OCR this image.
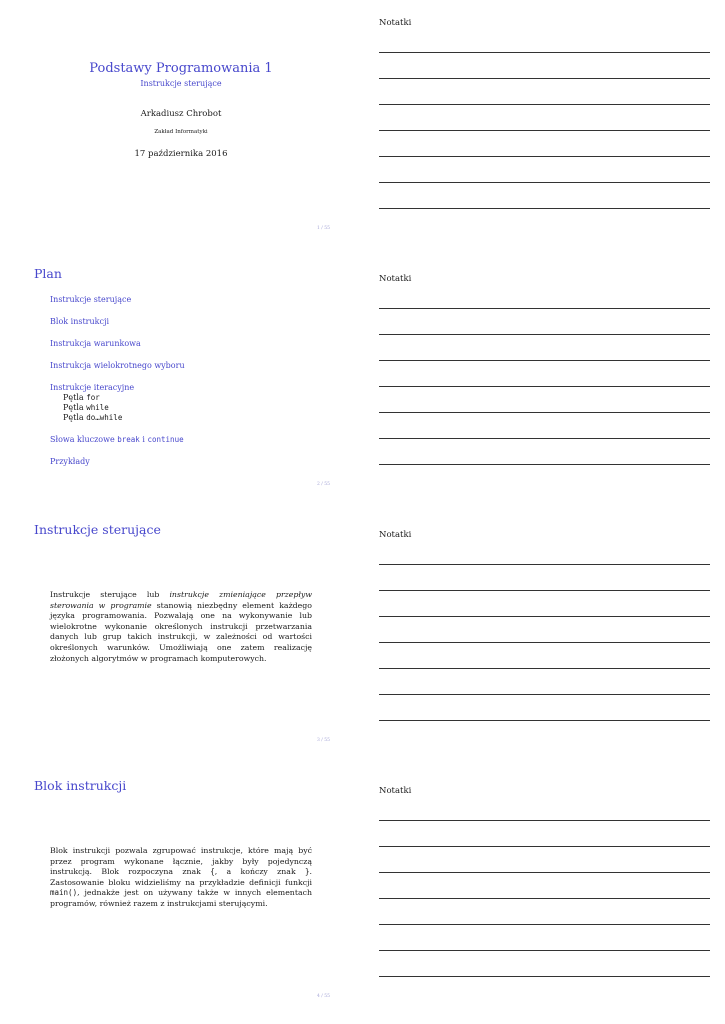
Podstawy Programowania 1
Instrukcje sterujące
Arkadiusz Chrobot
Zakład Informatyki
17 października 2016
1 / 55
Notatki
Plan
Instrukcje sterujące
Blok instrukcji
Instrukcja warunkowa
Instrukcja wielokrotnego wyboru
Instrukcje iteracyjne
Pętla for
Pętla while
Pętla do…while
Słowa kluczowe break i continue
Przykłady
2 / 55
Notatki
Instrukcje sterujące
Instrukcje sterujące lub instrukcje zmieniające przepływ sterowania w programie stanowią niezbędny element każdego języka programowania. Pozwalają one na wykonywanie lub wielokrotne wykonanie określonych instrukcji przetwarzania danych lub grup takich instrukcji, w zależności od wartości określonych warunków. Umożliwiają one zatem realizację złożonych algorytmów w programach komputerowych.
3 / 55
Notatki
Blok instrukcji
Blok instrukcji pozwala zgrupować instrukcje, które mają być przez program wykonane łącznie, jakby były pojedynczą instrukcją. Blok rozpoczyna znak {, a kończy znak }. Zastosowanie bloku widzieliśmy na przykładzie definicji funkcji main(), jednakże jest on używany także w innych elementach programów, również razem z instrukcjami sterującymi.
4 / 55
Notatki
